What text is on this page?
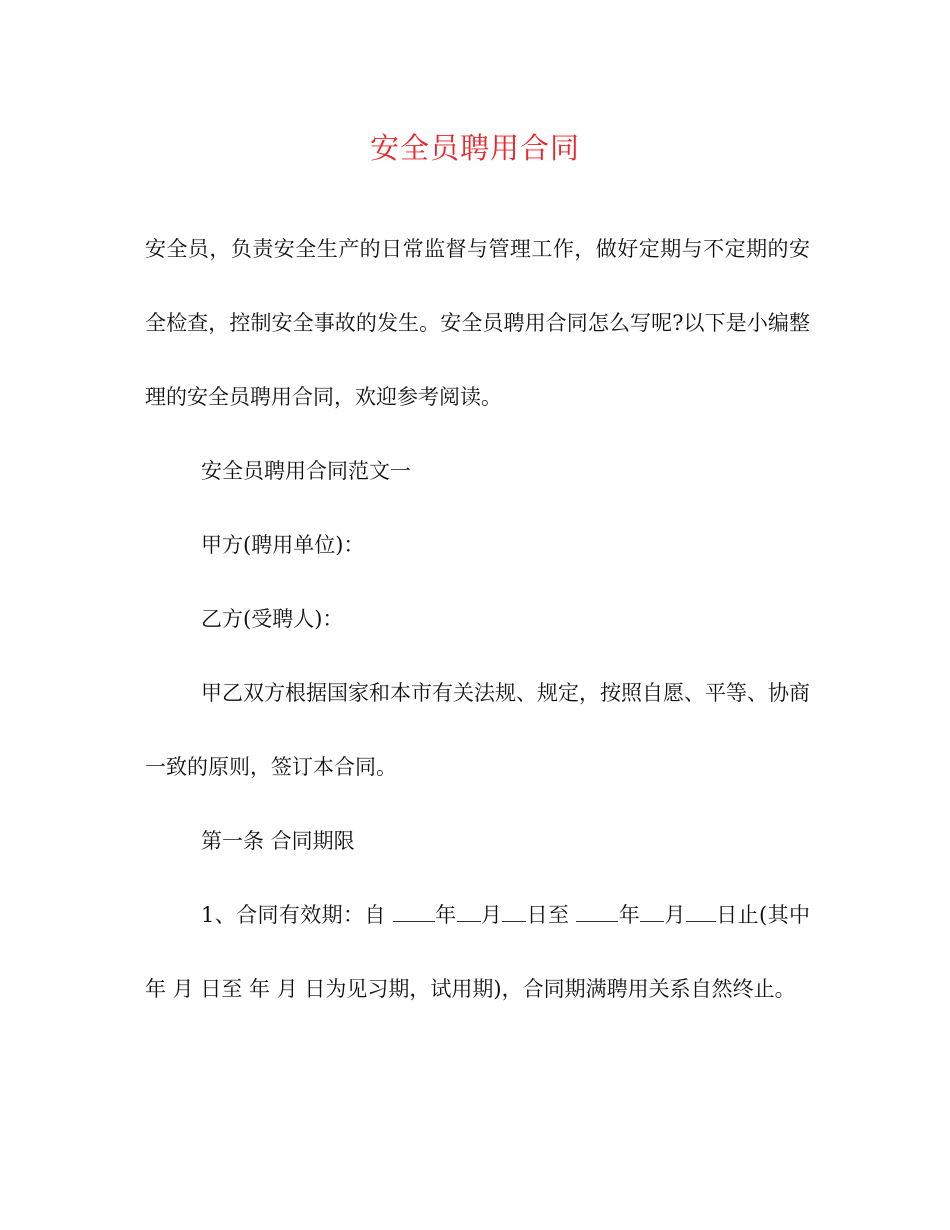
安全员聘用合同

安全员，负责安全生产的日常监督与管理工作，做好定期与不定期的安全检查，控制安全事故的发生。安全员聘用合同怎么写呢?以下是小编整理的安全员聘用合同，欢迎参考阅读。

安全员聘用合同范文一

甲方(聘用单位)：

乙方(受聘人)：

甲乙双方根据国家和本市有关法规、规定，按照自愿、平等、协商一致的原则，签订本合同。

第一条 合同期限

1、合同有效期：自 年 月 日至 年 月 日止(其中年 月 日至 年 月 日为见习期，试用期)，合同期满聘用关系自然终止。
